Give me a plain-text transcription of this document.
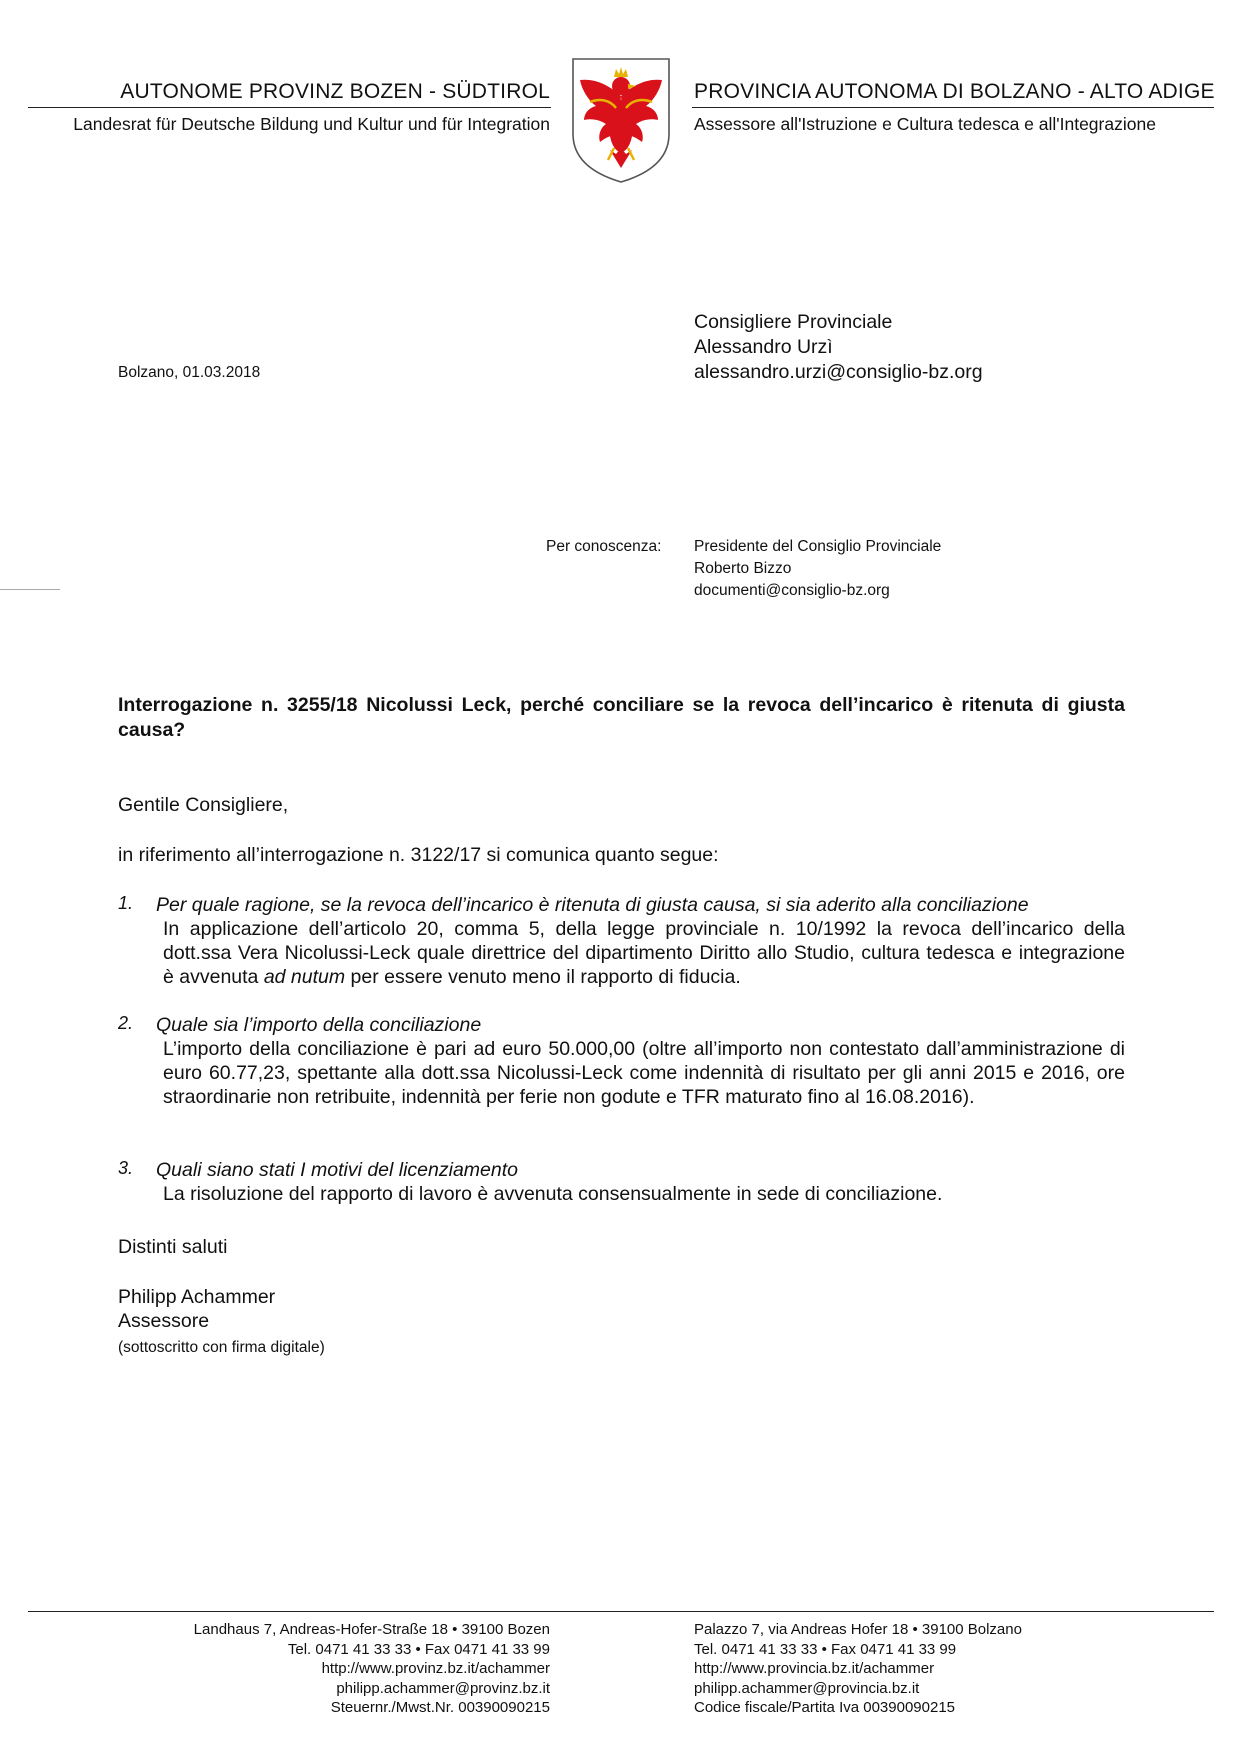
AUTONOME PROVINZ BOZEN - SÜDTIROL
Landesrat für Deutsche Bildung und Kultur und für Integration
PROVINCIA AUTONOMA DI BOLZANO - ALTO ADIGE
Assessore all'Istruzione e Cultura tedesca e all'Integrazione
Consigliere Provinciale
Alessandro Urzì
alessandro.urzi@consiglio-bz.org
Bolzano, 01.03.2018
Per conoscenza: Presidente del Consiglio Provinciale
Roberto Bizzo
documenti@consiglio-bz.org
Interrogazione n. 3255/18 Nicolussi Leck, perché conciliare se la revoca dell’incarico è ritenuta di giusta causa?
Gentile Consigliere,
in riferimento all’interrogazione n. 3122/17 si comunica quanto segue:
1. Per quale ragione, se la revoca dell’incarico è ritenuta di giusta causa, si sia aderito alla conciliazione
In applicazione dell’articolo 20, comma 5, della legge provinciale n. 10/1992 la revoca dell’incarico della dott.ssa Vera Nicolussi-Leck quale direttrice del dipartimento Diritto allo Studio, cultura tedesca e integrazione è avvenuta ad nutum per essere venuto meno il rapporto di fiducia.
2. Quale sia l’importo della conciliazione
L’importo della conciliazione è pari ad euro 50.000,00 (oltre all’importo non contestato dall’amministrazione di euro 60.77,23, spettante alla dott.ssa Nicolussi-Leck come indennità di risultato per gli anni 2015 e 2016, ore straordinarie non retribuite, indennità per ferie non godute e TFR maturato fino al 16.08.2016).
3. Quali siano stati I motivi del licenziamento
La risoluzione del rapporto di lavoro è avvenuta consensualmente in sede di conciliazione.
Distinti saluti
Philipp Achammer
Assessore
(sottoscritto con firma digitale)
Landhaus 7, Andreas-Hofer-Straße 18 • 39100 Bozen
Tel. 0471 41 33 33 • Fax 0471 41 33 99
http://www.provinz.bz.it/achammer
philipp.achammer@provinz.bz.it
Steuernr./Mwst.Nr. 00390090215
Palazzo 7, via Andreas Hofer 18 • 39100 Bolzano
Tel. 0471 41 33 33 • Fax 0471 41 33 99
http://www.provincia.bz.it/achammer
philipp.achammer@provincia.bz.it
Codice fiscale/Partita Iva 00390090215
